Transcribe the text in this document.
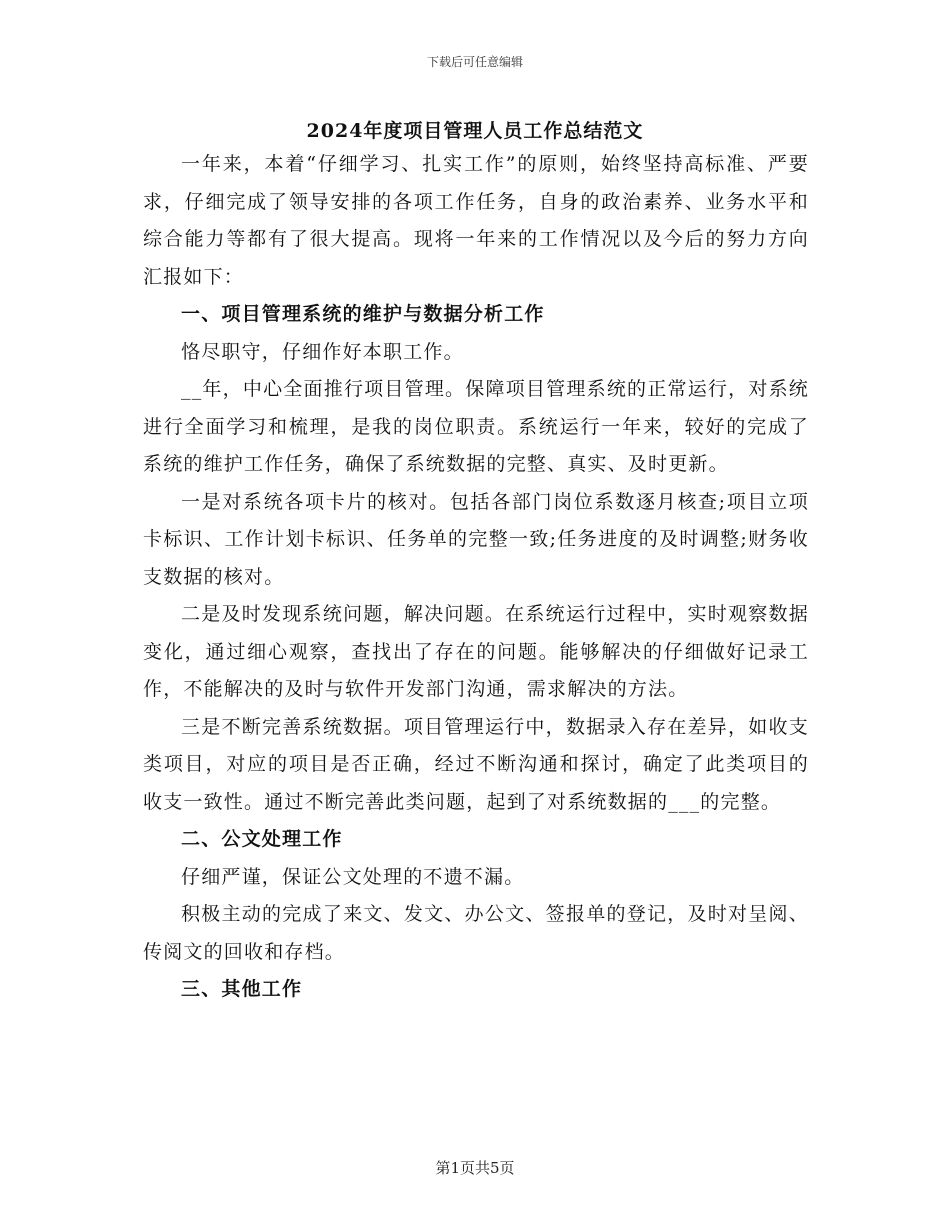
下载后可任意编辑
2024年度项目管理人员工作总结范文

一年来，本着“仔细学习、扎实工作”的原则，始终坚持高标准、严要求，仔细完成了领导安排的各项工作任务，自身的政治素养、业务水平和综合能力等都有了很大提高。现将一年来的工作情况以及今后的努力方向汇报如下：

一、项目管理系统的维护与数据分析工作

恪尽职守，仔细作好本职工作。

__年，中心全面推行项目管理。保障项目管理系统的正常运行，对系统进行全面学习和梳理，是我的岗位职责。系统运行一年来，较好的完成了系统的维护工作任务，确保了系统数据的完整、真实、及时更新。

一是对系统各项卡片的核对。包括各部门岗位系数逐月核查;项目立项卡标识、工作计划卡标识、任务单的完整一致;任务进度的及时调整;财务收支数据的核对。

二是及时发现系统问题，解决问题。在系统运行过程中，实时观察数据变化，通过细心观察，查找出了存在的问题。能够解决的仔细做好记录工作，不能解决的及时与软件开发部门沟通，需求解决的方法。

三是不断完善系统数据。项目管理运行中，数据录入存在差异，如收支类项目，对应的项目是否正确，经过不断沟通和探讨，确定了此类项目的收支一致性。通过不断完善此类问题，起到了对系统数据的___的完整。

二、公文处理工作

仔细严谨，保证公文处理的不遗不漏。

积极主动的完成了来文、发文、办公文、签报单的登记，及时对呈阅、传阅文的回收和存档。

三、其他工作

第1页共5页
